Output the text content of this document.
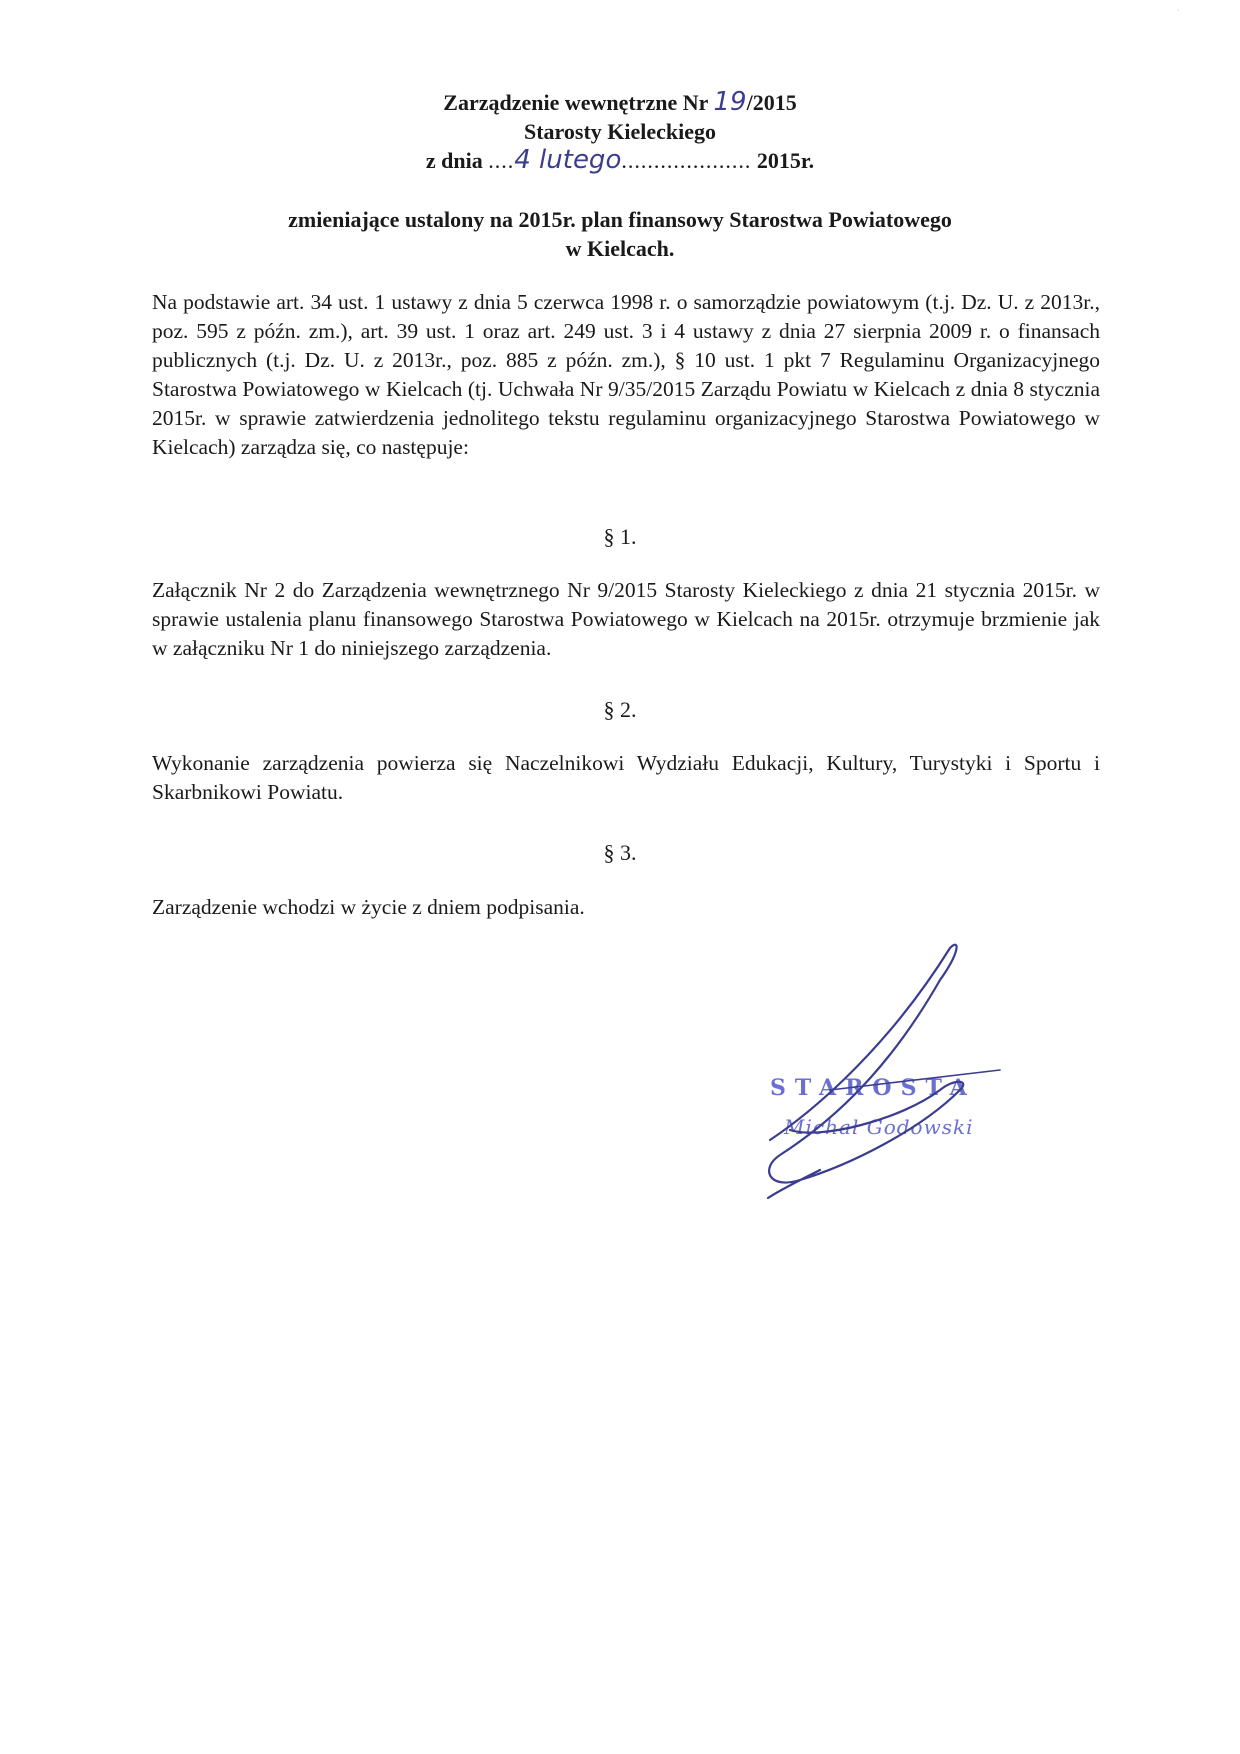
·
Zarządzenie wewnętrzne Nr 19/2015
Starosty Kieleckiego
z dnia ....4 lutego.................... 2015r.
zmieniające ustalony na 2015r. plan finansowy Starostwa Powiatowego
w Kielcach.
Na podstawie art. 34 ust. 1 ustawy z dnia 5 czerwca 1998 r. o samorządzie powiatowym (t.j. Dz. U. z 2013r., poz. 595 z późn. zm.), art. 39 ust. 1 oraz art. 249 ust. 3 i 4 ustawy z dnia 27 sierpnia 2009 r. o finansach publicznych (t.j. Dz. U. z 2013r., poz. 885 z późn. zm.), § 10 ust. 1 pkt 7 Regulaminu Organizacyjnego Starostwa Powiatowego w Kielcach (tj. Uchwała Nr 9/35/2015 Zarządu Powiatu w Kielcach z dnia 8 stycznia 2015r. w sprawie zatwierdzenia jednolitego tekstu regulaminu organizacyjnego Starostwa Powiatowego w Kielcach) zarządza się, co następuje:
§ 1.
Załącznik Nr 2 do Zarządzenia wewnętrznego Nr 9/2015 Starosty Kieleckiego z dnia 21 stycznia 2015r. w sprawie ustalenia planu finansowego Starostwa Powiatowego w Kielcach na 2015r. otrzymuje brzmienie jak w załączniku Nr 1 do niniejszego zarządzenia.
§ 2.
Wykonanie zarządzenia powierza się Naczelnikowi Wydziału Edukacji, Kultury, Turystyki i Sportu i Skarbnikowi Powiatu.
§ 3.
Zarządzenie wchodzi w życie z dniem podpisania.
STAROSTA
Michał Godowski
